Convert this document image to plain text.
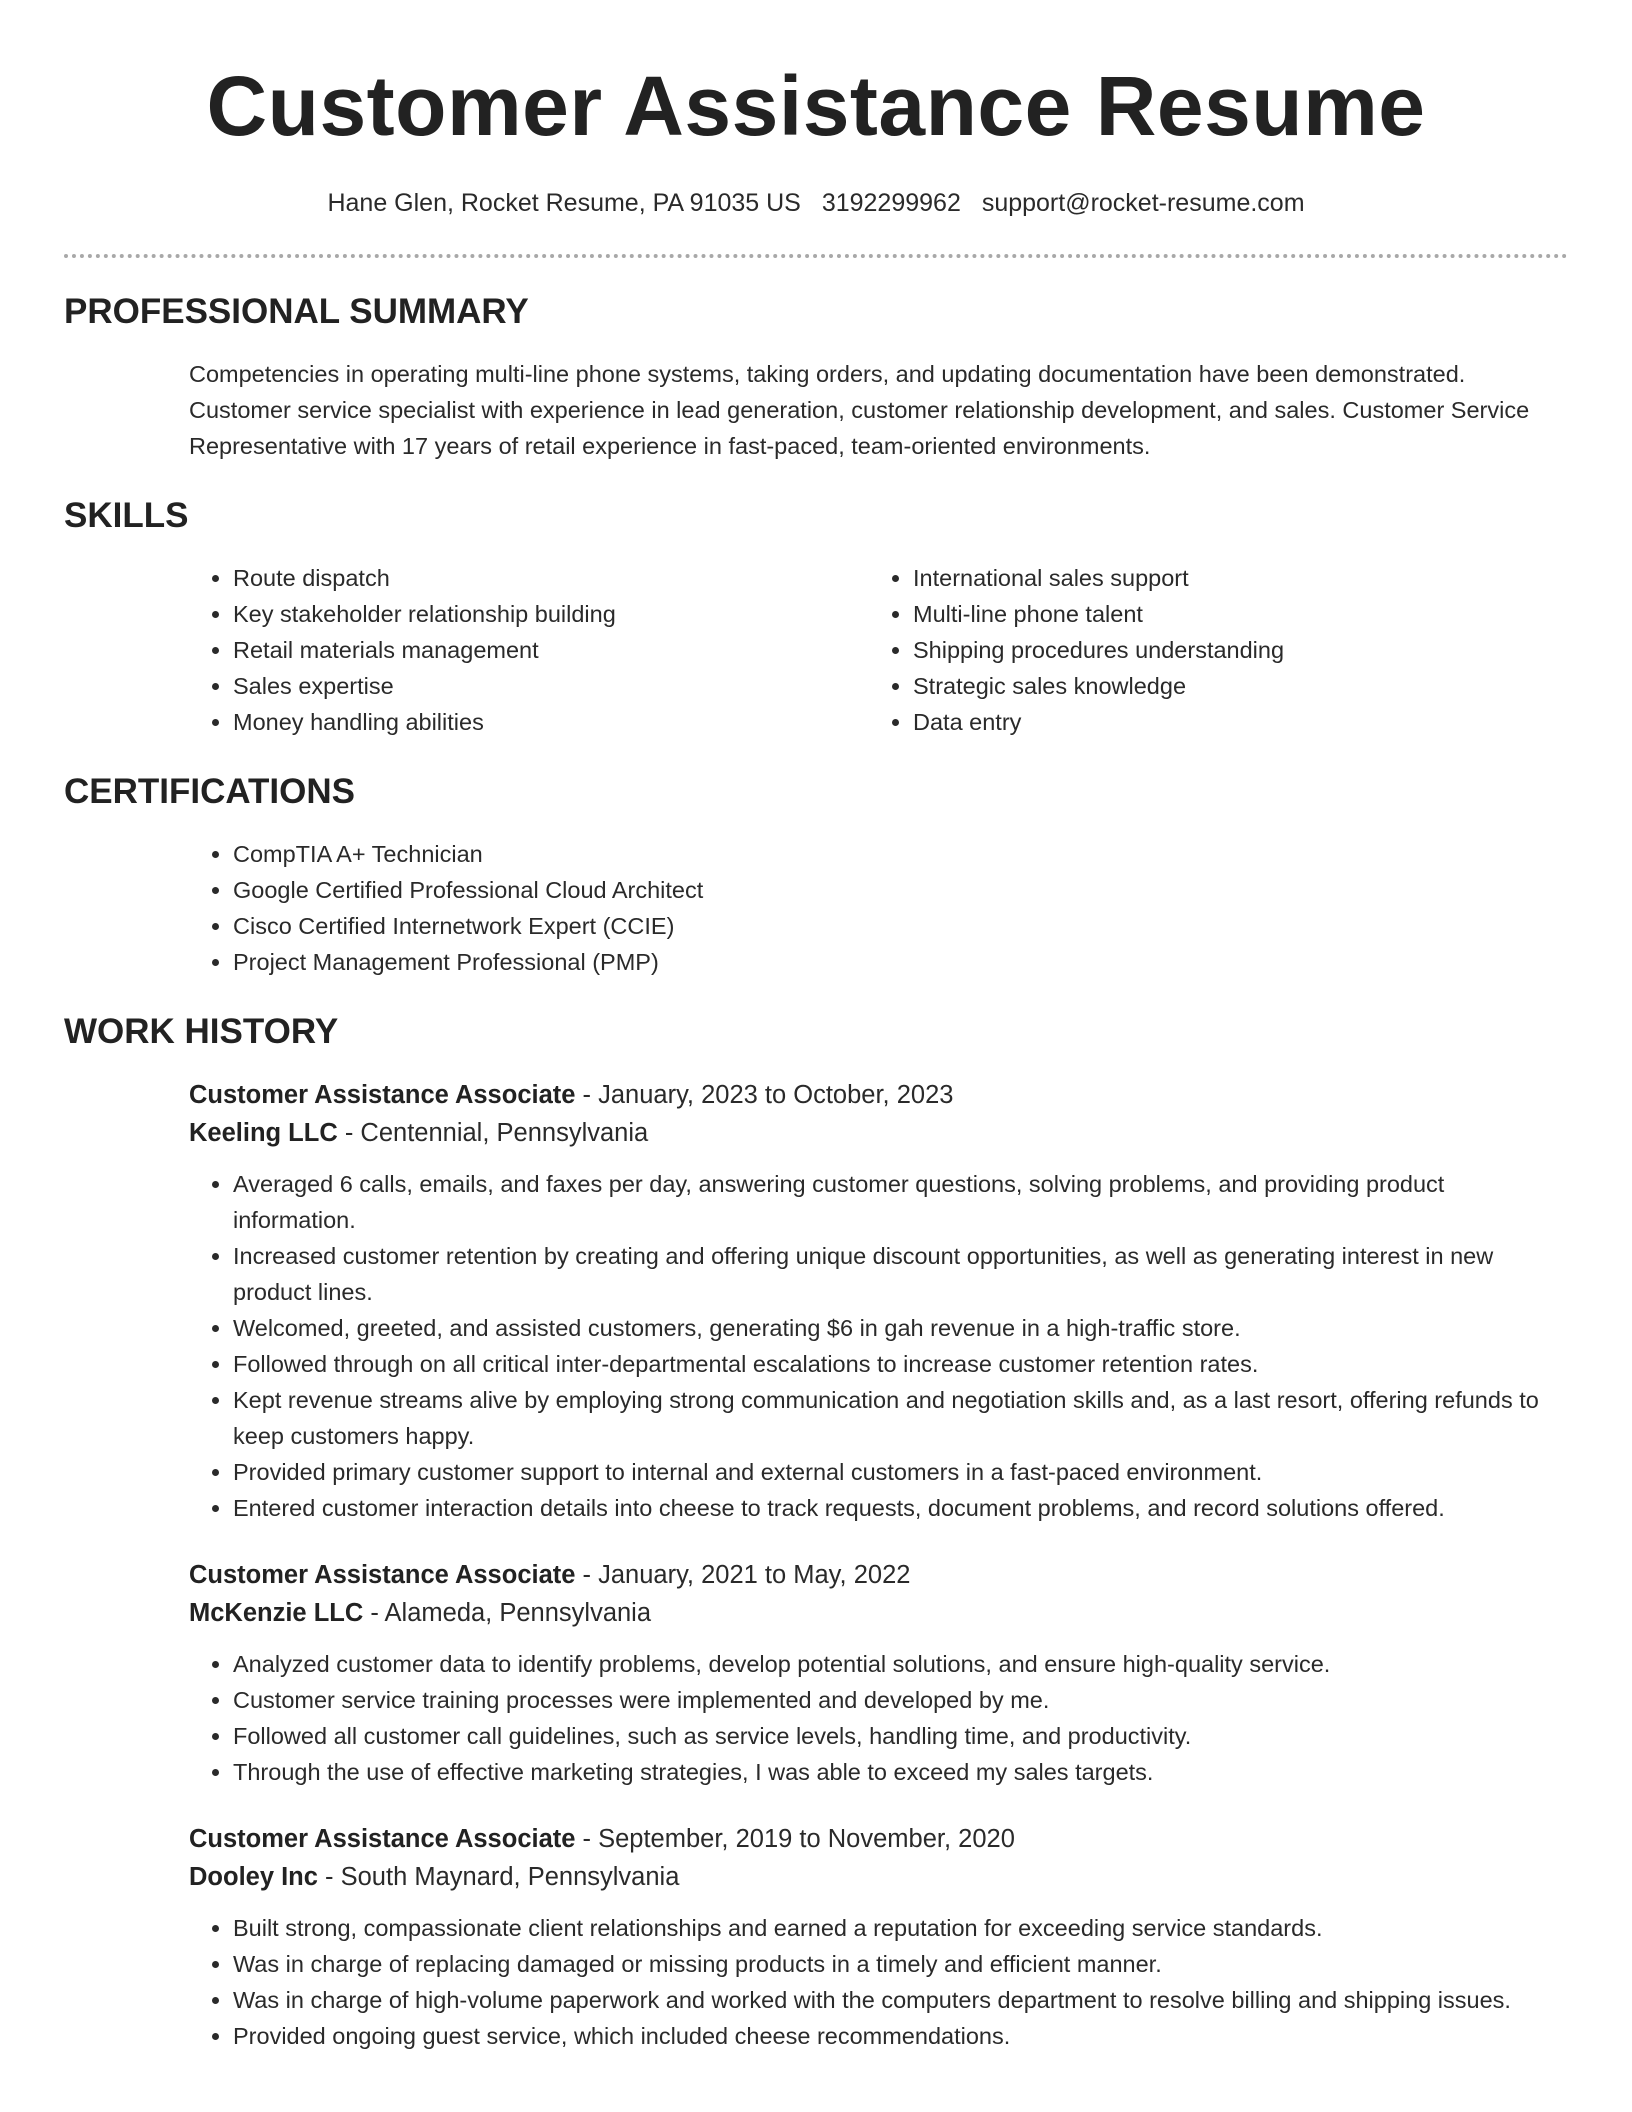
Customer Assistance Resume
Hane Glen, Rocket Resume, PA 91035 US 3192299962 support@rocket-resume.com
PROFESSIONAL SUMMARY

Competencies in operating multi-line phone systems, taking orders, and updating documentation have been demonstrated. Customer service specialist with experience in lead generation, customer relationship development, and sales. Customer Service Representative with 17 years of retail experience in fast-paced, team-oriented environments.

SKILLS
• Route dispatch
• Key stakeholder relationship building
• Retail materials management
• Sales expertise
• Money handling abilities
• International sales support
• Multi-line phone talent
• Shipping procedures understanding
• Strategic sales knowledge
• Data entry
CERTIFICATIONS
• CompTIA A+ Technician
• Google Certified Professional Cloud Architect
• Cisco Certified Internetwork Expert (CCIE)
• Project Management Professional (PMP)
WORK HISTORY
Customer Assistance Associate - January, 2023 to October, 2023
Keeling LLC - Centennial, Pennsylvania
• Averaged 6 calls, emails, and faxes per day, answering customer questions, solving problems, and providing product information.
• Increased customer retention by creating and offering unique discount opportunities, as well as generating interest in new product lines.
• Welcomed, greeted, and assisted customers, generating $6 in gah revenue in a high-traffic store.
• Followed through on all critical inter-departmental escalations to increase customer retention rates.
• Kept revenue streams alive by employing strong communication and negotiation skills and, as a last resort, offering refunds to keep customers happy.
• Provided primary customer support to internal and external customers in a fast-paced environment.
• Entered customer interaction details into cheese to track requests, document problems, and record solutions offered.
Customer Assistance Associate - January, 2021 to May, 2022
McKenzie LLC - Alameda, Pennsylvania
• Analyzed customer data to identify problems, develop potential solutions, and ensure high-quality service.
• Customer service training processes were implemented and developed by me.
• Followed all customer call guidelines, such as service levels, handling time, and productivity.
• Through the use of effective marketing strategies, I was able to exceed my sales targets.
Customer Assistance Associate - September, 2019 to November, 2020
Dooley Inc - South Maynard, Pennsylvania
• Built strong, compassionate client relationships and earned a reputation for exceeding service standards.
• Was in charge of replacing damaged or missing products in a timely and efficient manner.
• Was in charge of high-volume paperwork and worked with the computers department to resolve billing and shipping issues.
• Provided ongoing guest service, which included cheese recommendations.
